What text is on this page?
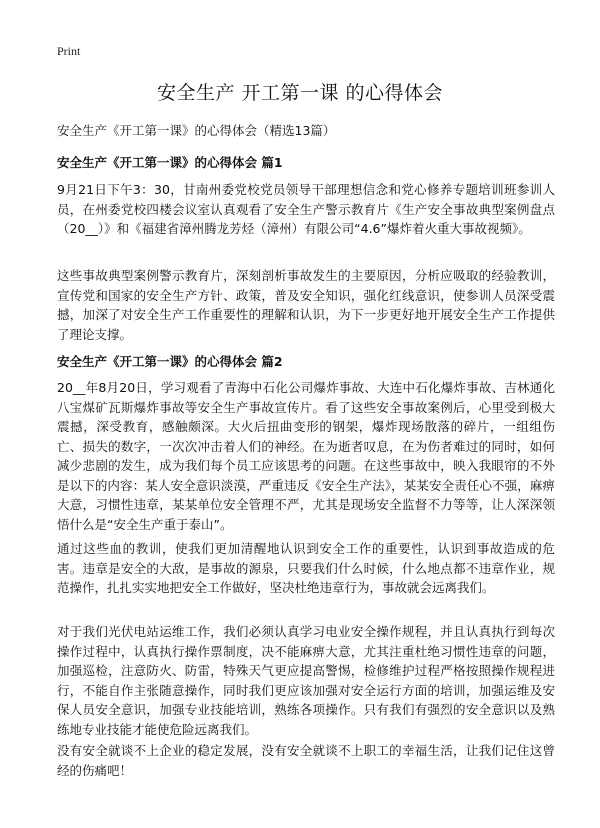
Print
安全生产 开工第一课 的心得体会

安全生产《开工第一课》的心得体会（精选13篇）

安全生产《开工第一课》的心得体会 篇1

9月21日下午3：30，甘南州委党校党员领导干部理想信念和党心修养专题培训班参训人员，在州委党校四楼会议室认真观看了安全生产警示教育片《生产安全事故典型案例盘点（20__）》和《福建省漳州腾龙芳烃（漳州）有限公司“4.6”爆炸着火重大事故视频》。

这些事故典型案例警示教育片，深刻剖析事故发生的主要原因，分析应吸取的经验教训，宣传党和国家的安全生产方针、政策，普及安全知识，强化红线意识，使参训人员深受震撼，加深了对安全生产工作重要性的理解和认识，为下一步更好地开展安全生产工作提供了理论支撑。

安全生产《开工第一课》的心得体会 篇2

20__年8月20日，学习观看了青海中石化公司爆炸事故、大连中石化爆炸事故、吉林通化八宝煤矿瓦斯爆炸事故等安全生产事故宣传片。看了这些安全事故案例后，心里受到极大震撼，深受教育，感触颇深。大火后扭曲变形的钢架，爆炸现场散落的碎片，一组组伤亡、损失的数字，一次次冲击着人们的神经。在为逝者叹息，在为伤者难过的同时，如何减少悲剧的发生，成为我们每个员工应该思考的问题。在这些事故中，映入我眼帘的不外是以下的内容：某人安全意识淡漠，严重违反《安全生产法》，某某安全责任心不强，麻痹大意，习惯性违章，某某单位安全管理不严，尤其是现场安全监督不力等等，让人深深领悟什么是“安全生产重于泰山”。

通过这些血的教训，使我们更加清醒地认识到安全工作的重要性，认识到事故造成的危害。违章是安全的大敌，是事故的源泉，只要我们什么时候，什么地点都不违章作业，规范操作，扎扎实实地把安全工作做好，坚决杜绝违章行为，事故就会远离我们。

对于我们光伏电站运维工作，我们必须认真学习电业安全操作规程，并且认真执行到每次操作过程中，认真执行操作票制度，决不能麻痹大意，尤其注重杜绝习惯性违章的问题，加强巡检，注意防火、防雷，特殊天气更应提高警惕，检修维护过程严格按照操作规程进行，不能自作主张随意操作，同时我们更应该加强对安全运行方面的培训，加强运维及安保人员安全意识，加强专业技能培训，熟练各项操作。只有我们有强烈的安全意识以及熟练地专业技能才能使危险远离我们。

没有安全就谈不上企业的稳定发展，没有安全就谈不上职工的幸福生活，让我们记住这曾经的伤痛吧！
